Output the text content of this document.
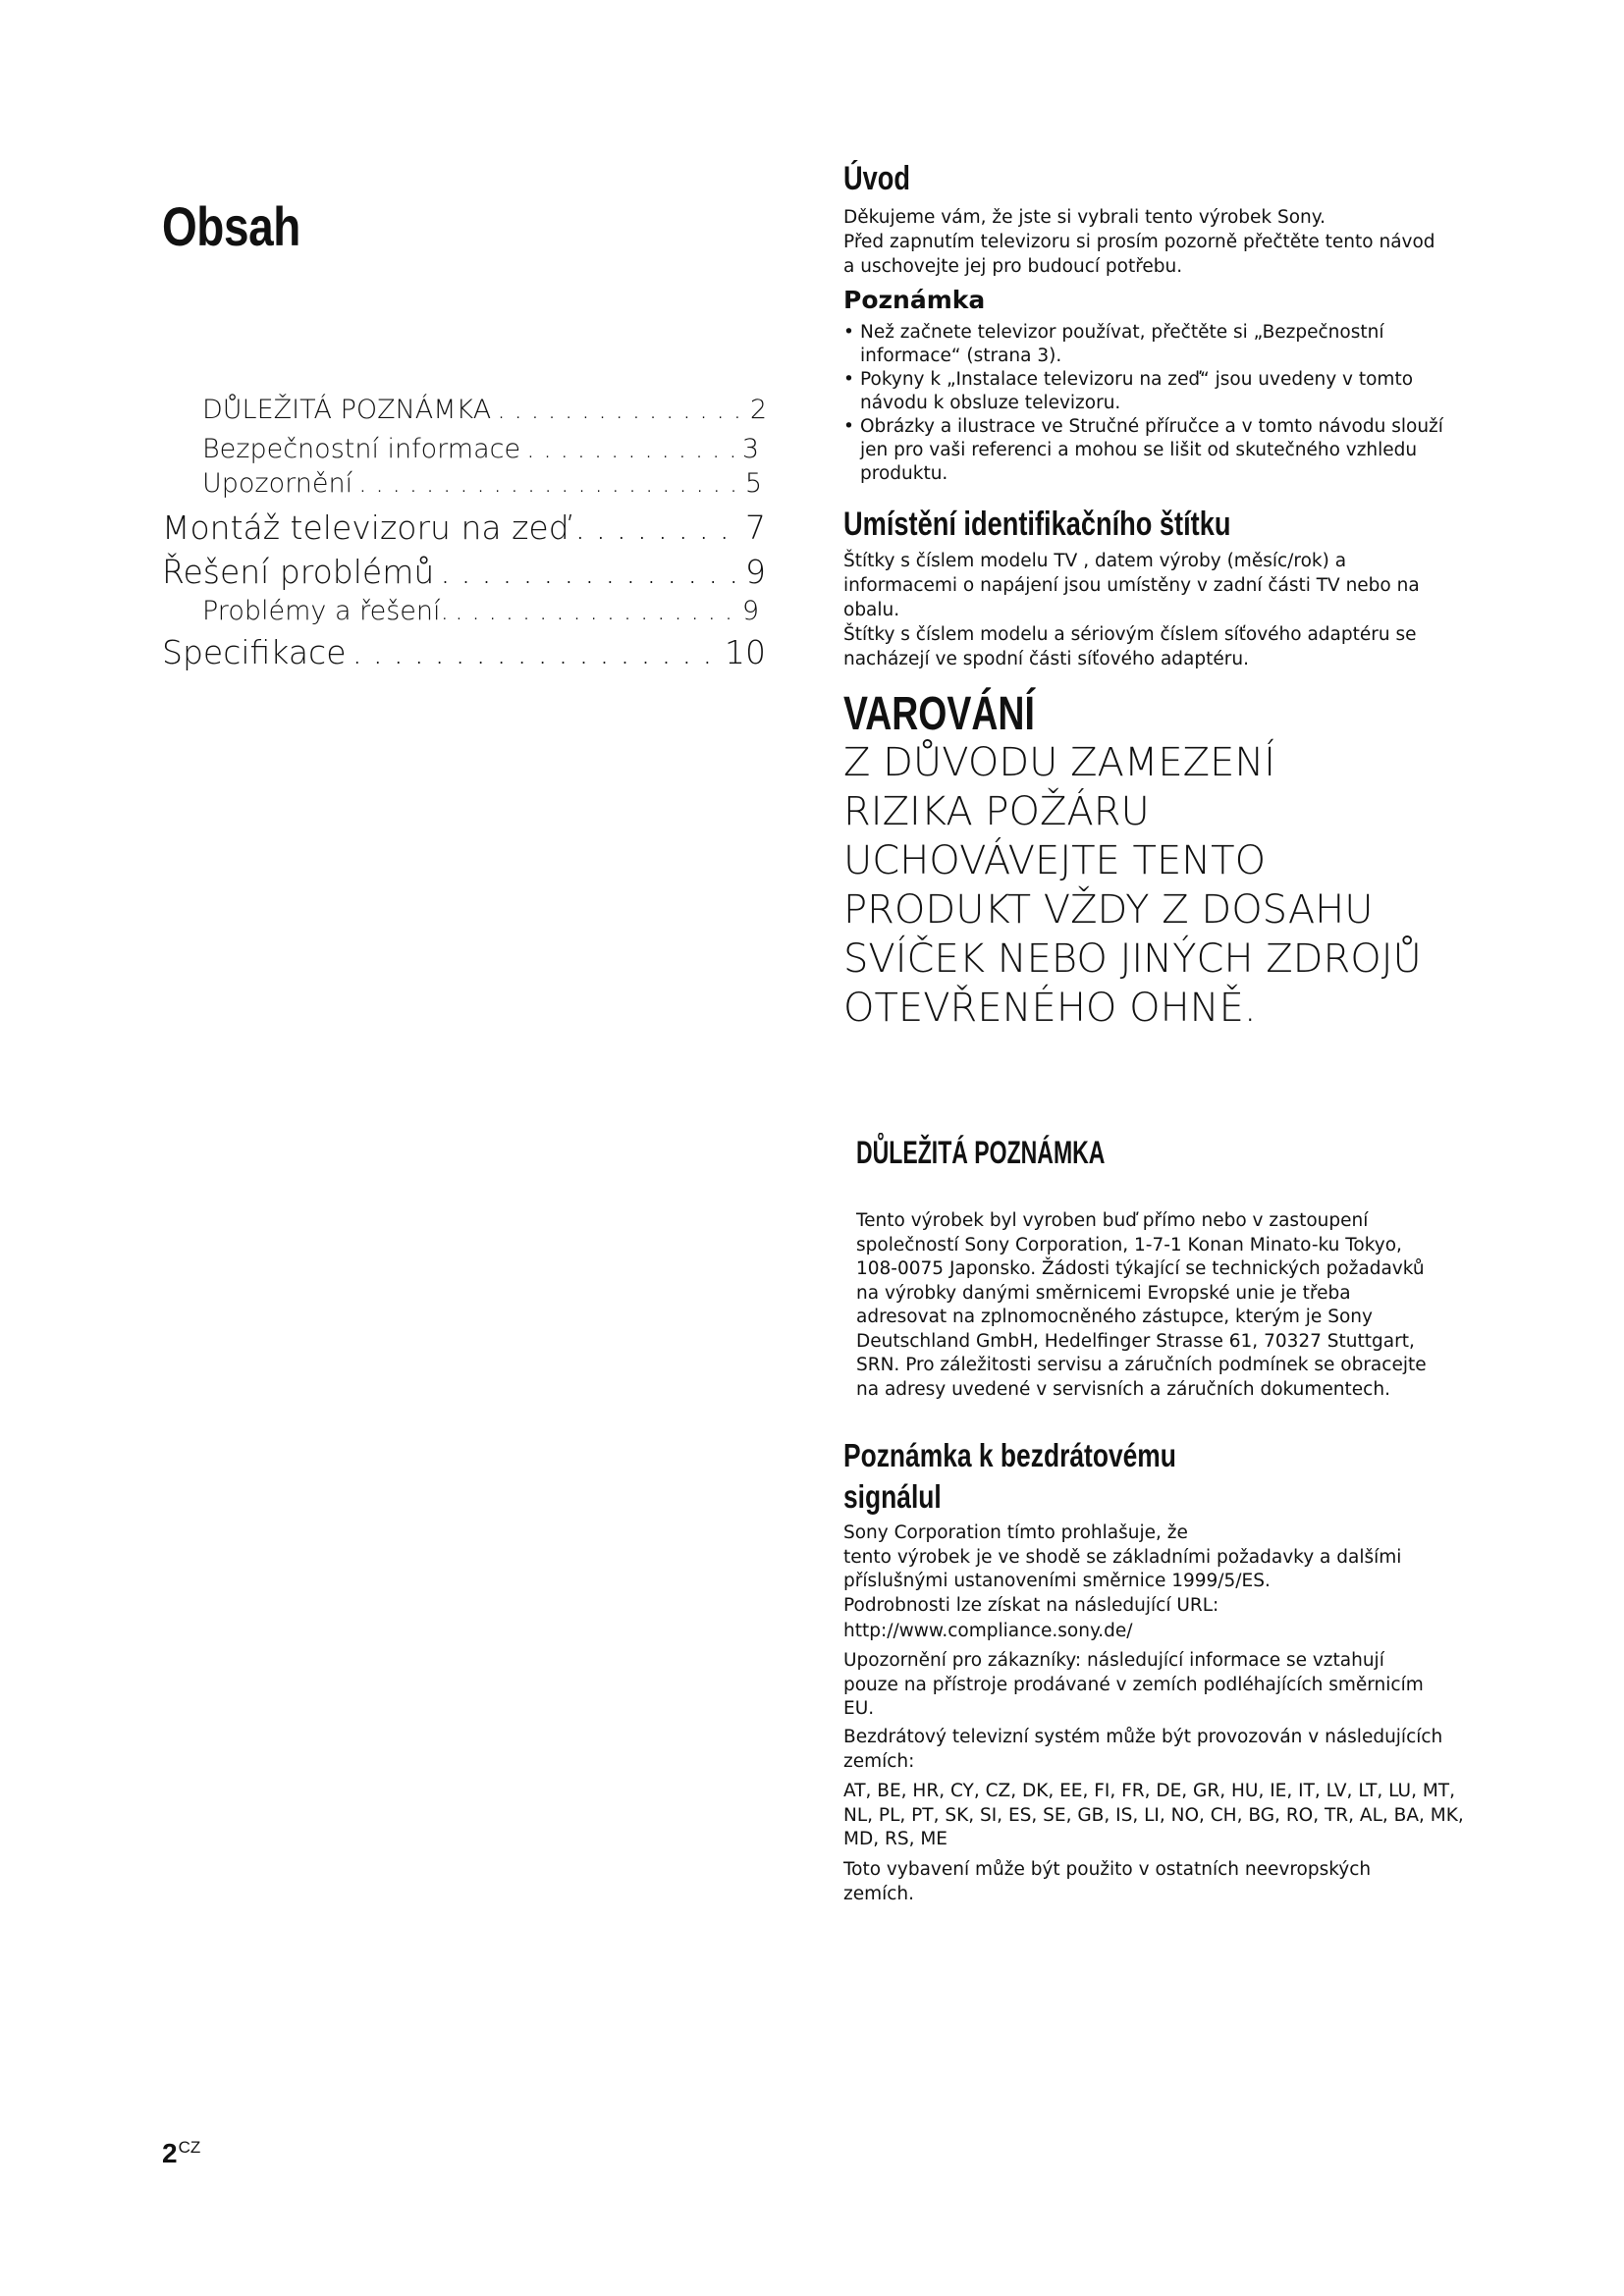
Obsah
DŮLEŽITÁ POZNÁMKA . . .	2
Bezpečnostní informace . . .	3
Upozornění . . .	5
Montáž televizoru na zeď . . .	7
Řešení problémů . . .	9
Problémy a řešení. . . .	9
Specifikace . . .	10
Úvod
Děkujeme vám, že jste si vybrali tento výrobek Sony.
Před zapnutím televizoru si prosím pozorně přečtěte tento návod
a uschovejte jej pro budoucí potřebu.
Poznámka
• Než začnete televizor používat, přečtěte si „Bezpečnostní
informace“ (strana 3).
• Pokyny k „Instalace televizoru na zeď“ jsou uvedeny v tomto
návodu k obsluze televizoru.
• Obrázky a ilustrace ve Stručné příručce a v tomto návodu slouží
jen pro vaši referenci a mohou se lišit od skutečného vzhledu
produktu.
Umístění identifikačního štítku
Štítky s číslem modelu TV , datem výroby (měsíc/rok) a
informacemi o napájení jsou umístěny v zadní části TV nebo na
obalu.
Štítky s číslem modelu a sériovým číslem síťového adaptéru se
nacházejí ve spodní části síťového adaptéru.
VAROVÁNÍ
Z DŮVODU ZAMEZENÍ
RIZIKA POŽÁRU
UCHOVÁVEJTE TENTO
PRODUKT VŽDY Z DOSAHU
SVÍČEK NEBO JINÝCH ZDROJŮ
OTEVŘENÉHO OHNĚ.
DŮLEŽITÁ POZNÁMKA
Tento výrobek byl vyroben buď přímo nebo v zastoupení
společností Sony Corporation, 1-7-1 Konan Minato-ku Tokyo,
108-0075 Japonsko. Žádosti týkající se technických požadavků
na výrobky danými směrnicemi Evropské unie je třeba
adresovat na zplnomocněného zástupce, kterým je Sony
Deutschland GmbH, Hedelfinger Strasse 61, 70327 Stuttgart,
SRN. Pro záležitosti servisu a záručních podmínek se obracejte
na adresy uvedené v servisních a záručních dokumentech.
Poznámka k bezdrátovému
signálul
Sony Corporation tímto prohlašuje, že
tento výrobek je ve shodě se základními požadavky a dalšími
příslušnými ustanoveními směrnice 1999/5/ES.
Podrobnosti lze získat na následující URL:
http://www.compliance.sony.de/
Upozornění pro zákazníky: následující informace se vztahují
pouze na přístroje prodávané v zemích podléhajících směrnicím
EU.
Bezdrátový televizní systém může být provozován v následujících
zemích:
AT, BE, HR, CY, CZ, DK, EE, FI, FR, DE, GR, HU, IE, IT, LV, LT, LU, MT,
NL, PL, PT, SK, SI, ES, SE, GB, IS, LI, NO, CH, BG, RO, TR, AL, BA, MK,
MD, RS, ME
Toto vybavení může být použito v ostatních neevropských
zemích.
$2^{CZ}$
